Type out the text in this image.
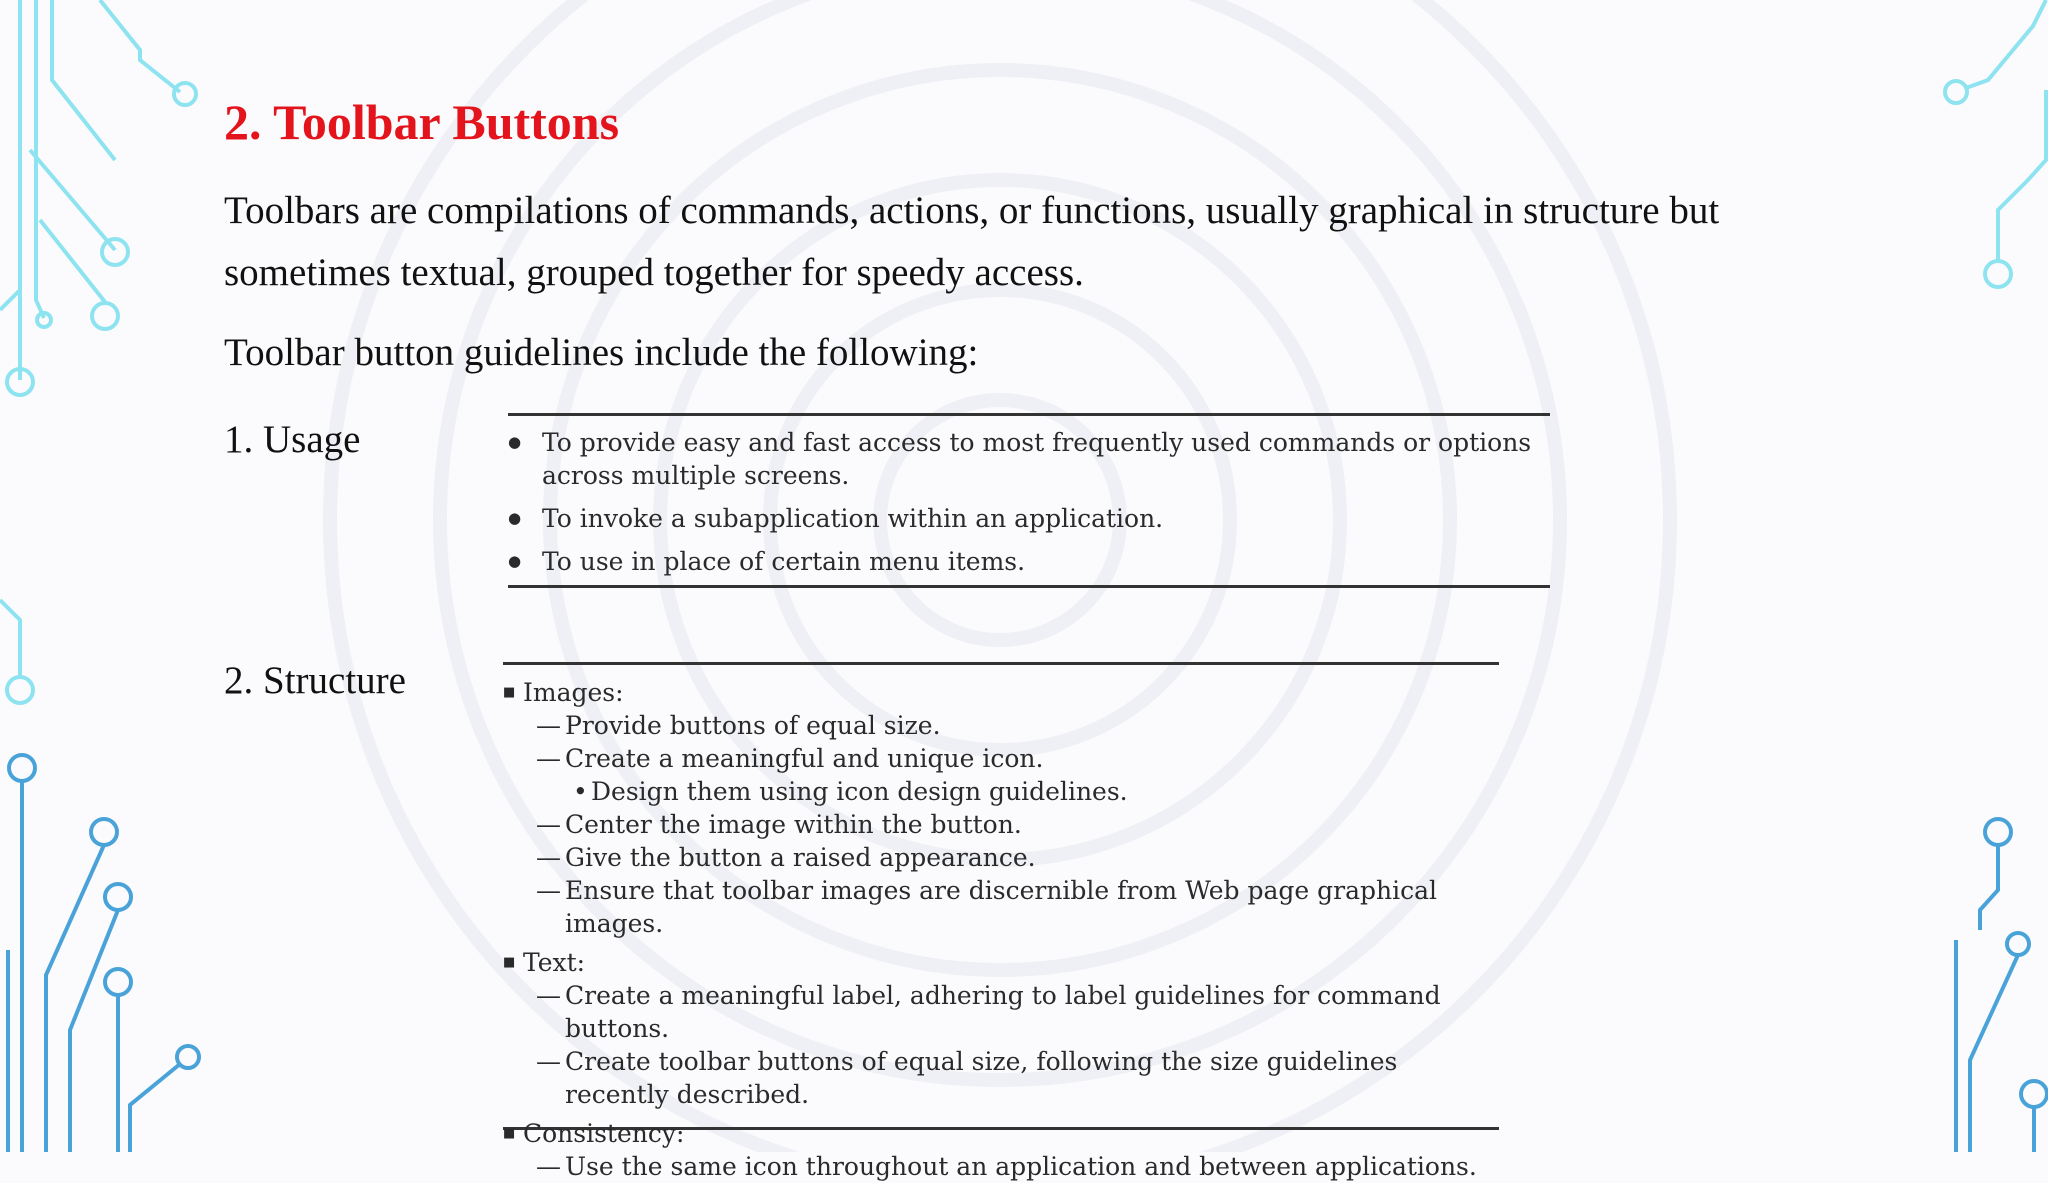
2. Toolbar Buttons

Toolbars are compilations of commands, actions, or functions, usually graphical in structure but sometimes textual, grouped together for speedy access.

Toolbar button guidelines include the following:

1. Usage
2. Structure
● To provide easy and fast access to most frequently used commands or options across multiple screens.
● To invoke a subapplication within an application.
● To use in place of certain menu items.
■ Images:
— Provide buttons of equal size.
— Create a meaningful and unique icon.
• Design them using icon design guidelines.
— Center the image within the button.
— Give the button a raised appearance.
— Ensure that toolbar images are discernible from Web page graphical images.
■ Text:
— Create a meaningful label, adhering to label guidelines for command buttons.
— Create toolbar buttons of equal size, following the size guidelines recently described.
■ Consistency:
— Use the same icon throughout an application and between applications.
